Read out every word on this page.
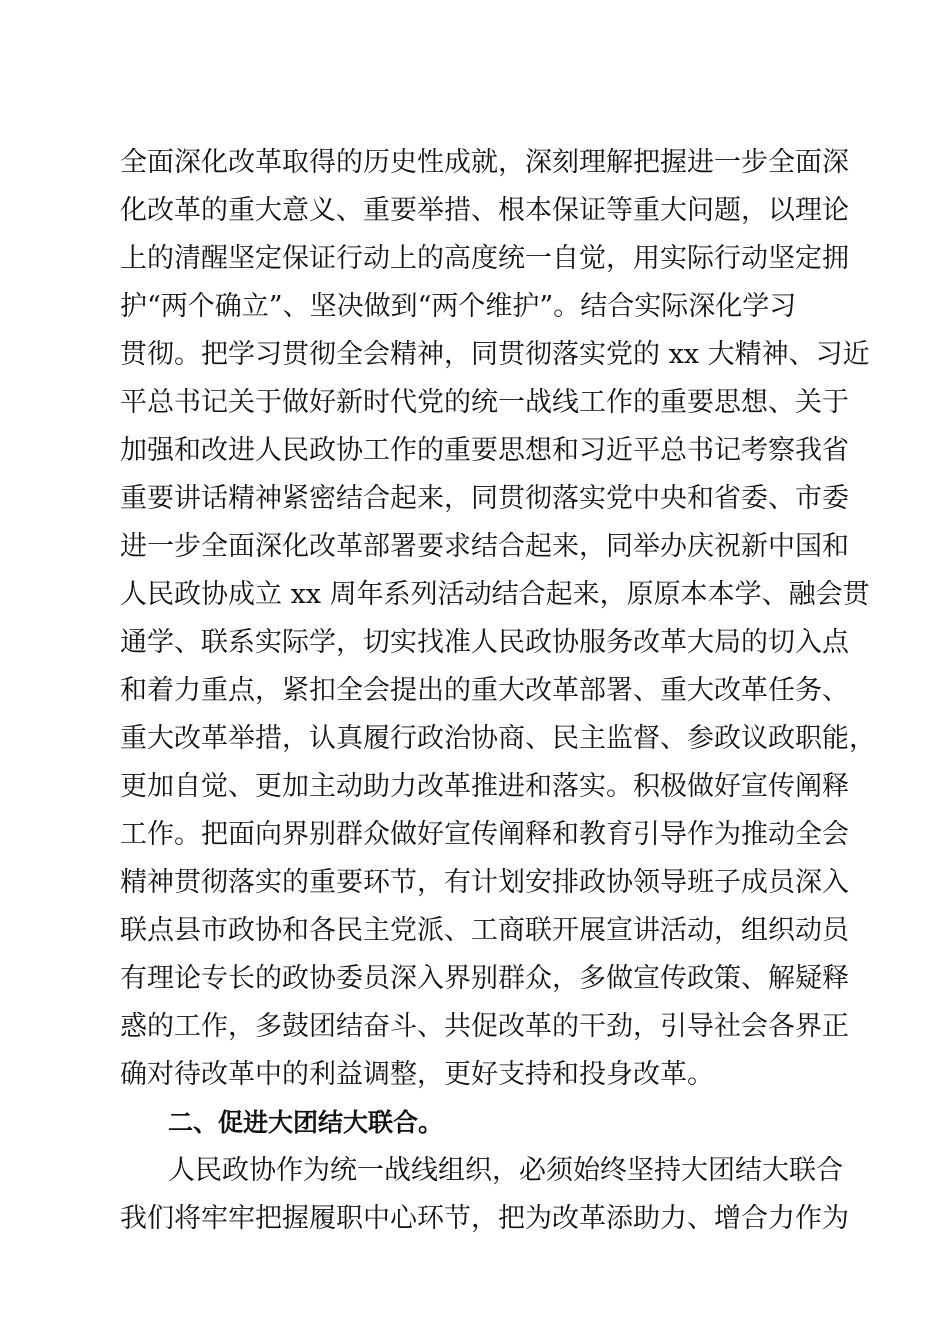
全面深化改革取得的历史性成就，深刻理解把握进一步全面深
化改革的重大意义、重要举措、根本保证等重大问题，以理论
上的清醒坚定保证行动上的高度统一自觉，用实际行动坚定拥
护“两个确立”、坚决做到“两个维护”。结合实际深化学习
贯彻。把学习贯彻全会精神，同贯彻落实党的 xx 大精神、习近
平总书记关于做好新时代党的统一战线工作的重要思想、关于
加强和改进人民政协工作的重要思想和习近平总书记考察我省
重要讲话精神紧密结合起来，同贯彻落实党中央和省委、市委
进一步全面深化改革部署要求结合起来，同举办庆祝新中国和
人民政协成立 xx 周年系列活动结合起来，原原本本学、融会贯
通学、联系实际学，切实找准人民政协服务改革大局的切入点
和着力重点，紧扣全会提出的重大改革部署、重大改革任务、
重大改革举措，认真履行政治协商、民主监督、参政议政职能，
更加自觉、更加主动助力改革推进和落实。积极做好宣传阐释
工作。把面向界别群众做好宣传阐释和教育引导作为推动全会
精神贯彻落实的重要环节，有计划安排政协领导班子成员深入
联点县市政协和各民主党派、工商联开展宣讲活动，组织动员
有理论专长的政协委员深入界别群众，多做宣传政策、解疑释
惑的工作，多鼓团结奋斗、共促改革的干劲，引导社会各界正
确对待改革中的利益调整，更好支持和投身改革。
二、促进大团结大联合。
人民政协作为统一战线组织，必须始终坚持大团结大联合
我们将牢牢把握履职中心环节，把为改革添助力、增合力作为
